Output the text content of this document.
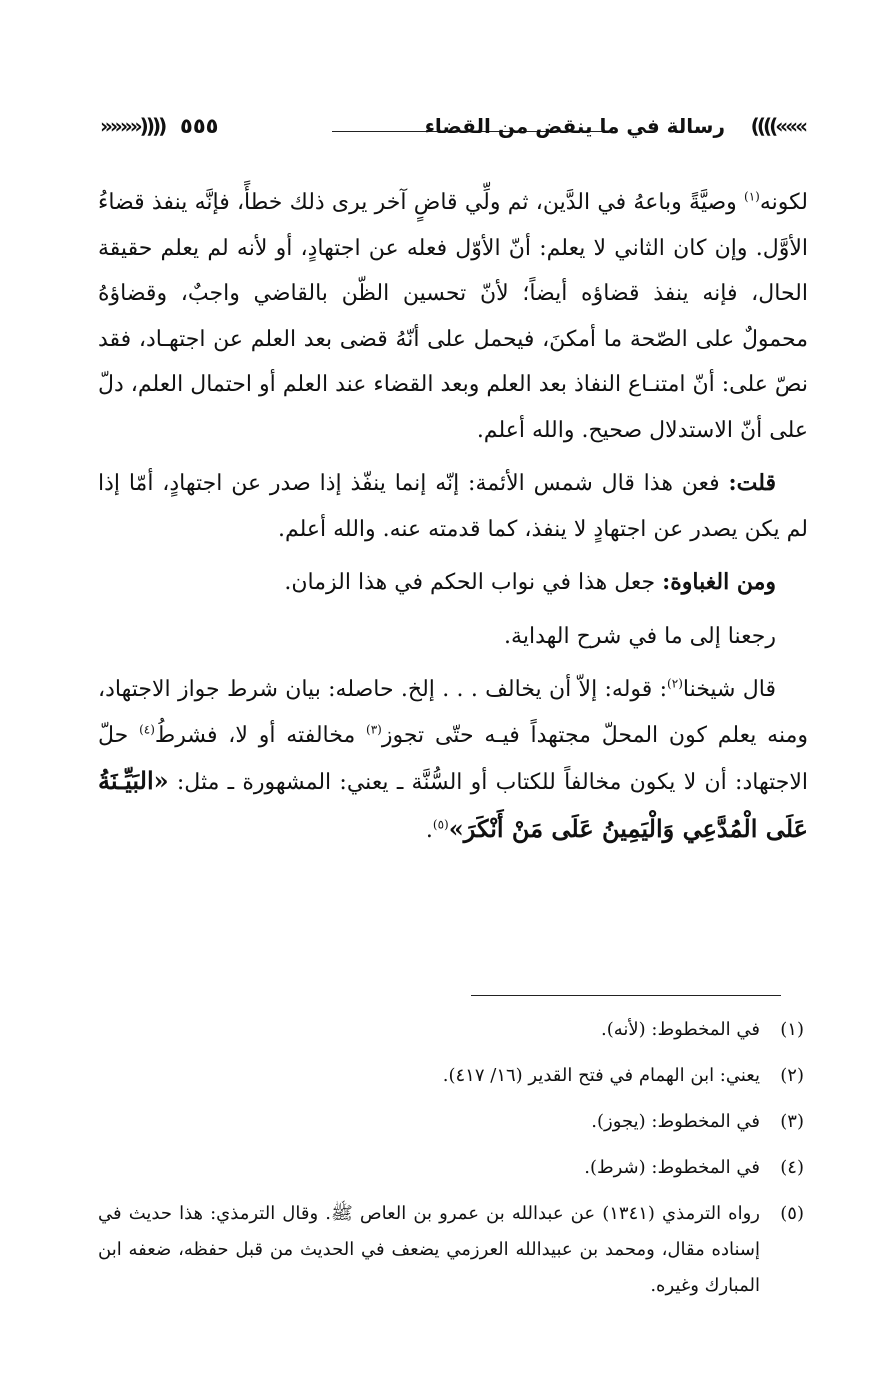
»»»»)))) ٥٥٥	رسالة في ما ينقض من القضاء ((((«««

لكونه$^{(١)}$ وصيَّةً وباعهُ في الدَّين، ثم ولِّي قاضٍ آخر يرى ذلك خطأً، فإنَّه ينفذ قضاءُ الأوَّل. وإن كان الثاني لا يعلم: أنّ الأوّل فعله عن اجتهادٍ، أو لأنه لم يعلم حقيقة الحال، فإنه ينفذ قضاؤه أيضاً؛ لأنّ تحسين الظّن بالقاضي واجبٌ، وقضاؤهُ محمولٌ على الصّحة ما أمكنَ، فيحمل على أنّهُ قضى بعد العلم عن اجتهـاد، فقد نصّ على: أنّ امتنـاع النفاذ بعد العلم وبعد القضاء عند العلم أو احتمال العلم، دلّ على أنّ الاستدلال صحيح. والله أعلم.

قلت: فعن هذا قال شمس الأئمة: إنّه إنما ينفّذ إذا صدر عن اجتهادٍ، أمّا إذا لم يكن يصدر عن اجتهادٍ لا ينفذ، كما قدمته عنه. والله أعلم.

ومن الغباوة: جعل هذا في نواب الحكم في هذا الزمان.

رجعنا إلى ما في شرح الهداية.

قال شيخنا$^{(٢)}$: قوله: إلاّ أن يخالف . . . إلخ. حاصله: بيان شرط جواز الاجتهاد، ومنه يعلم كون المحلّ مجتهداً فيـه حتّى تجوز$^{(٣)}$ مخالفته أو لا، فشرطُ$^{(٤)}$ حلّ الاجتهاد: أن لا يكون مخالفاً للكتاب أو السُّنَّة ـ يعني: المشهورة ـ مثل: «البَيِّـنَةُ عَلَى الْمُدَّعِي وَالْيَمِينُ عَلَى مَنْ أَنْكَرَ»$^{(٥)}$.

(١)
في المخطوط: (لأنه).
(٢)
يعني: ابن الهمام في فتح القدير (١٦/ ٤١٧).
(٣)
في المخطوط: (يجوز).
(٤)
في المخطوط: (شرط).
(٥)
رواه الترمذي (١٣٤١) عن عبدالله بن عمرو بن العاص ﷺ. وقال الترمذي: هذا حديث في إسناده مقال، ومحمد بن عبيدالله العرزمي يضعف في الحديث من قبل حفظه، ضعفه ابن المبارك وغيره.
